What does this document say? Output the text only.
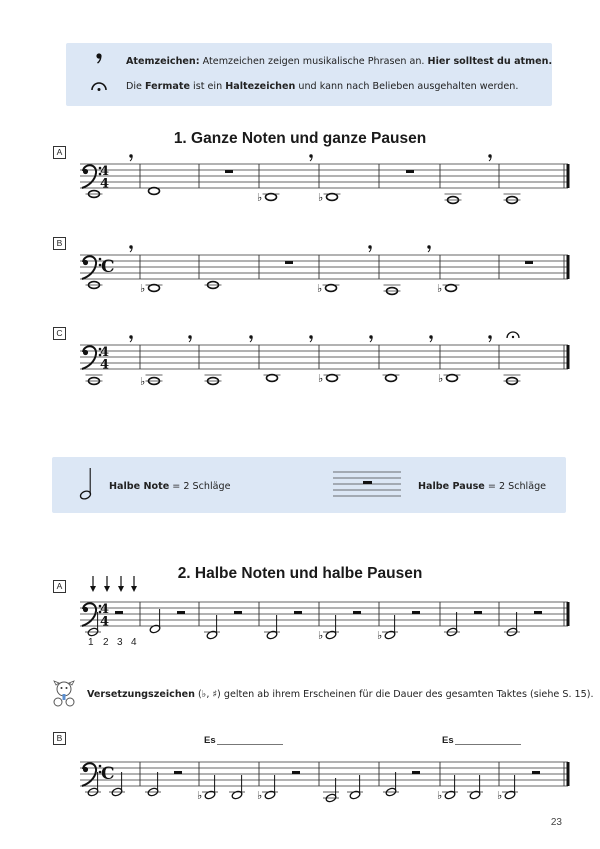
Atemzeichen: Atemzeichen zeigen musikalische Phrasen an. Hier solltest du atmen.
Die Fermate ist ein Haltezeichen und kann nach Belieben ausgehalten werden.
1. Ganze Noten und ganze Pausen
A
4
4
♭	♭
B
C
♭	♭	♭
C
4
4
♭	♭	♭
Halbe Note = 2 Schläge	Halbe Pause = 2 Schläge
2. Halbe Noten und halbe Pausen
A
4
4
♭	♭
1 2 3 4
Versetzungszeichen (♭, ♯) gelten ab ihrem Erscheinen für die Dauer des gesamten Taktes (siehe S. 15).
B	Es	Es
C
♭	♭	♭	♭
23
